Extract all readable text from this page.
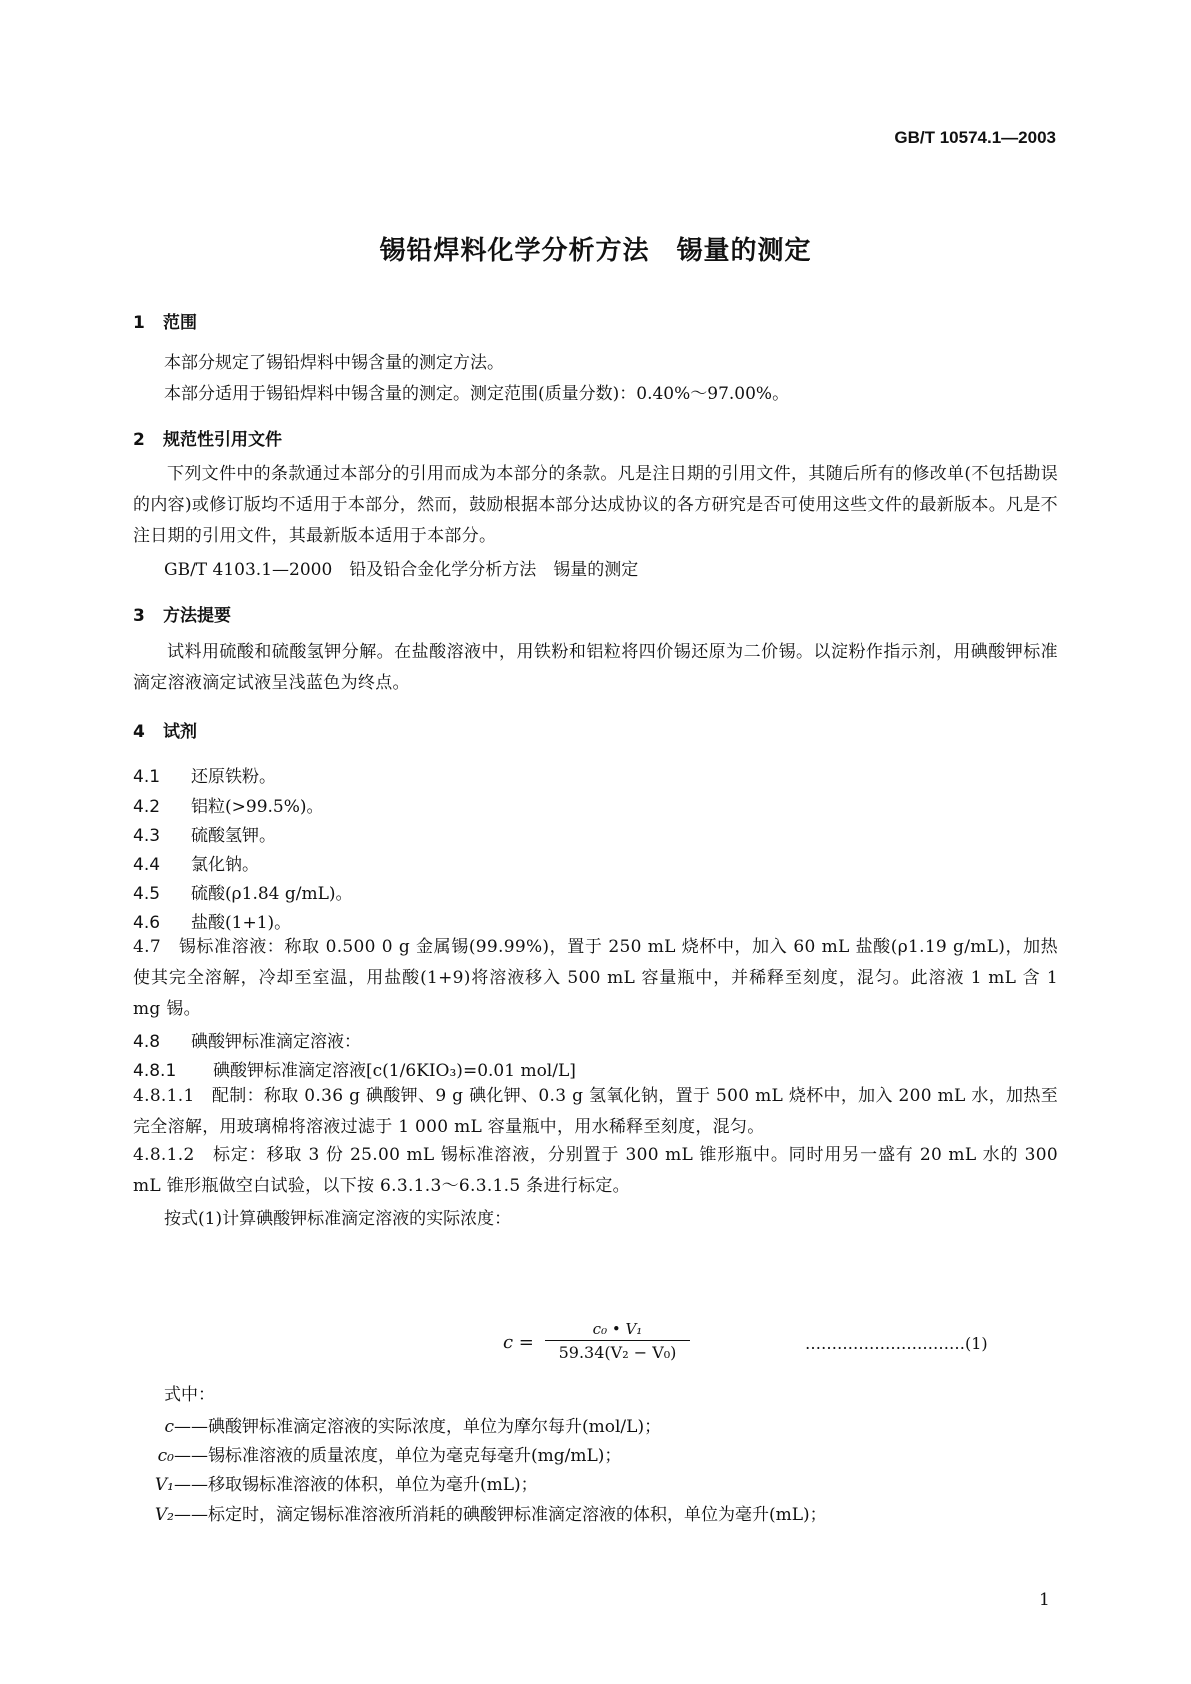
GB/T 10574.1—2003
锡铅焊料化学分析方法　锡量的测定
1 范围
本部分规定了锡铅焊料中锡含量的测定方法。
本部分适用于锡铅焊料中锡含量的测定。测定范围(质量分数)：0.40%～97.00%。
2 规范性引用文件
下列文件中的条款通过本部分的引用而成为本部分的条款。凡是注日期的引用文件，其随后所有的修改单(不包括勘误的内容)或修订版均不适用于本部分，然而，鼓励根据本部分达成协议的各方研究是否可使用这些文件的最新版本。凡是不注日期的引用文件，其最新版本适用于本部分。
GB/T 4103.1—2000　铅及铅合金化学分析方法　锡量的测定
3 方法提要
试料用硫酸和硫酸氢钾分解。在盐酸溶液中，用铁粉和铝粒将四价锡还原为二价锡。以淀粉作指示剂，用碘酸钾标准滴定溶液滴定试液呈浅蓝色为终点。
4 试剂
4.1 还原铁粉。
4.2 铝粒(>99.5%)。
4.3 硫酸氢钾。
4.4 氯化钠。
4.5 硫酸(ρ1.84 g/mL)。
4.6 盐酸(1+1)。
4.7　锡标准溶液：称取 0.500 0 g 金属锡(99.99%)，置于 250 mL 烧杯中，加入 60 mL 盐酸(ρ1.19 g/mL)，加热使其完全溶解，冷却至室温，用盐酸(1+9)将溶液移入 500 mL 容量瓶中，并稀释至刻度，混匀。此溶液 1 mL 含 1 mg 锡。
4.8 碘酸钾标准滴定溶液：
4.8.1 碘酸钾标准滴定溶液[c(1/6KIO₃)=0.01 mol/L]
4.8.1.1　配制：称取 0.36 g 碘酸钾、9 g 碘化钾、0.3 g 氢氧化钠，置于 500 mL 烧杯中，加入 200 mL 水，加热至完全溶解，用玻璃棉将溶液过滤于 1 000 mL 容量瓶中，用水稀释至刻度，混匀。
4.8.1.2　标定：移取 3 份 25.00 mL 锡标准溶液，分别置于 300 mL 锥形瓶中。同时用另一盛有 20 mL 水的 300 mL 锥形瓶做空白试验，以下按 6.3.1.3～6.3.1.5 条进行标定。
按式(1)计算碘酸钾标准滴定溶液的实际浓度：
$c = \frac{\text{c₀ • V₁}}{\text{59.34(V₂ − V₀)}}$	…………………………(1)
式中：
c——碘酸钾标准滴定溶液的实际浓度，单位为摩尔每升(mol/L)；
c₀——锡标准溶液的质量浓度，单位为毫克每毫升(mg/mL)；
V₁——移取锡标准溶液的体积，单位为毫升(mL)；
V₂——标定时，滴定锡标准溶液所消耗的碘酸钾标准滴定溶液的体积，单位为毫升(mL)；
1
